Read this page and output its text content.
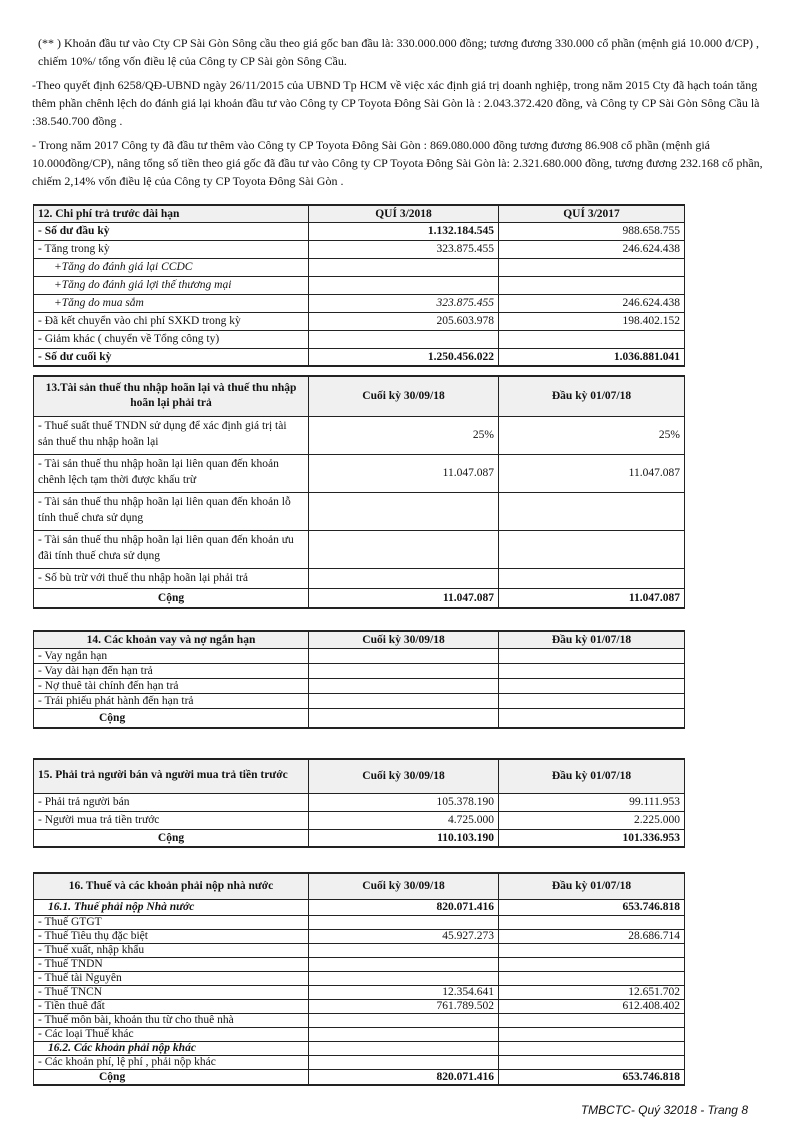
(** ) Khoản đầu tư vào Cty CP Sài Gòn Sông cầu theo giá gốc ban đầu là: 330.000.000 đồng; tương đương 330.000 cổ phần (mệnh giá 10.000 đ/CP) , chiếm 10%/ tổng vốn điều lệ của Công ty CP Sài gòn Sông Cầu.

-Theo quyết định 6258/QĐ-UBND ngày 26/11/2015 của UBND Tp HCM về việc xác định giá trị doanh nghiệp, trong năm 2015 Cty đã hạch toán tăng thêm phần chênh lệch do đánh giá lại khoản đầu tư vào Công ty CP Toyota Đông Sài Gòn là : 2.043.372.420 đồng, và Công ty CP Sài Gòn Sông Cầu là :38.540.700 đồng .

- Trong năm 2017 Công ty đã đầu tư thêm vào Công ty CP Toyota Đông Sài Gòn : 869.080.000 đồng tương đương 86.908 cổ phần (mệnh giá 10.000đồng/CP), nâng tổng số tiền theo giá gốc đã đầu tư vào Công ty CP Toyota Đông Sài Gòn là: 2.321.680.000 đồng, tương đương 232.168 cổ phần, chiếm 2,14% vốn điều lệ của Công ty CP Toyota Đông Sài Gòn .

12. Chi phí trả trước dài hạn	QUÍ 3/2018	QUÍ 3/2017
- Số dư đầu kỳ	1.132.184.545	988.658.755
- Tăng trong kỳ	323.875.455	246.624.438
+Tăng do đánh giá lại CCDC		
+Tăng do đánh giá lợi thế thương mại		
+Tăng do mua sắm	323.875.455	246.624.438
- Đã kết chuyển vào chi phí SXKD trong kỳ	205.603.978	198.402.152
- Giảm khác ( chuyển về Tổng công ty)		
- Số dư cuối kỳ	1.250.456.022	1.036.881.041
13.Tài sản thuế thu nhập hoãn lại và thuế thu nhập hoãn lại phải trả	Cuối kỳ 30/09/18	Đầu kỳ 01/07/18
- Thuế suất thuế TNDN sử dụng để xác định giá trị tài sản thuế thu nhập hoãn lại	25%	25%
- Tài sản thuế thu nhập hoãn lại liên quan đến khoản chênh lệch tạm thời được khấu trừ	11.047.087	11.047.087
- Tài sản thuế thu nhập hoãn lại liên quan đến khoản lỗ tính thuế chưa sử dụng		
- Tài sản thuế thu nhập hoãn lại liên quan đến khoản ưu đãi tính thuế chưa sử dụng		
- Số bù trừ với thuế thu nhập hoãn lại phải trả		
Cộng	11.047.087	11.047.087
14. Các khoản vay và nợ ngắn hạn	Cuối kỳ 30/09/18	Đầu kỳ 01/07/18
- Vay ngắn hạn		
- Vay dài hạn đến hạn trả		
- Nợ thuê tài chính đến hạn trả		
- Trái phiếu phát hành đến hạn trả		
Cộng		
15. Phải trả người bán và người mua trả tiền trước	Cuối kỳ 30/09/18	Đầu kỳ 01/07/18
- Phải trả người bán	105.378.190	99.111.953
- Người mua trả tiền trước	4.725.000	2.225.000
Cộng	110.103.190	101.336.953
16. Thuế và các khoản phải nộp nhà nước	Cuối kỳ 30/09/18	Đầu kỳ 01/07/18
16.1. Thuế phải nộp Nhà nước	820.071.416	653.746.818
- Thuế GTGT		
- Thuế Tiêu thụ đặc biệt	45.927.273	28.686.714
- Thuế xuất, nhập khẩu		
- Thuế TNDN		
- Thuế tài Nguyên		
- Thuế TNCN	12.354.641	12.651.702
- Tiền thuê đất	761.789.502	612.408.402
- Thuế môn bài, khoản thu từ cho thuê nhà		
- Các loại Thuế khác		
16.2. Các khoản phải nộp khác		
- Các khoản phí, lệ phí , phải nộp khác		
Cộng	820.071.416	653.746.818
TMBCTC- Quý 32018 - Trang 8
